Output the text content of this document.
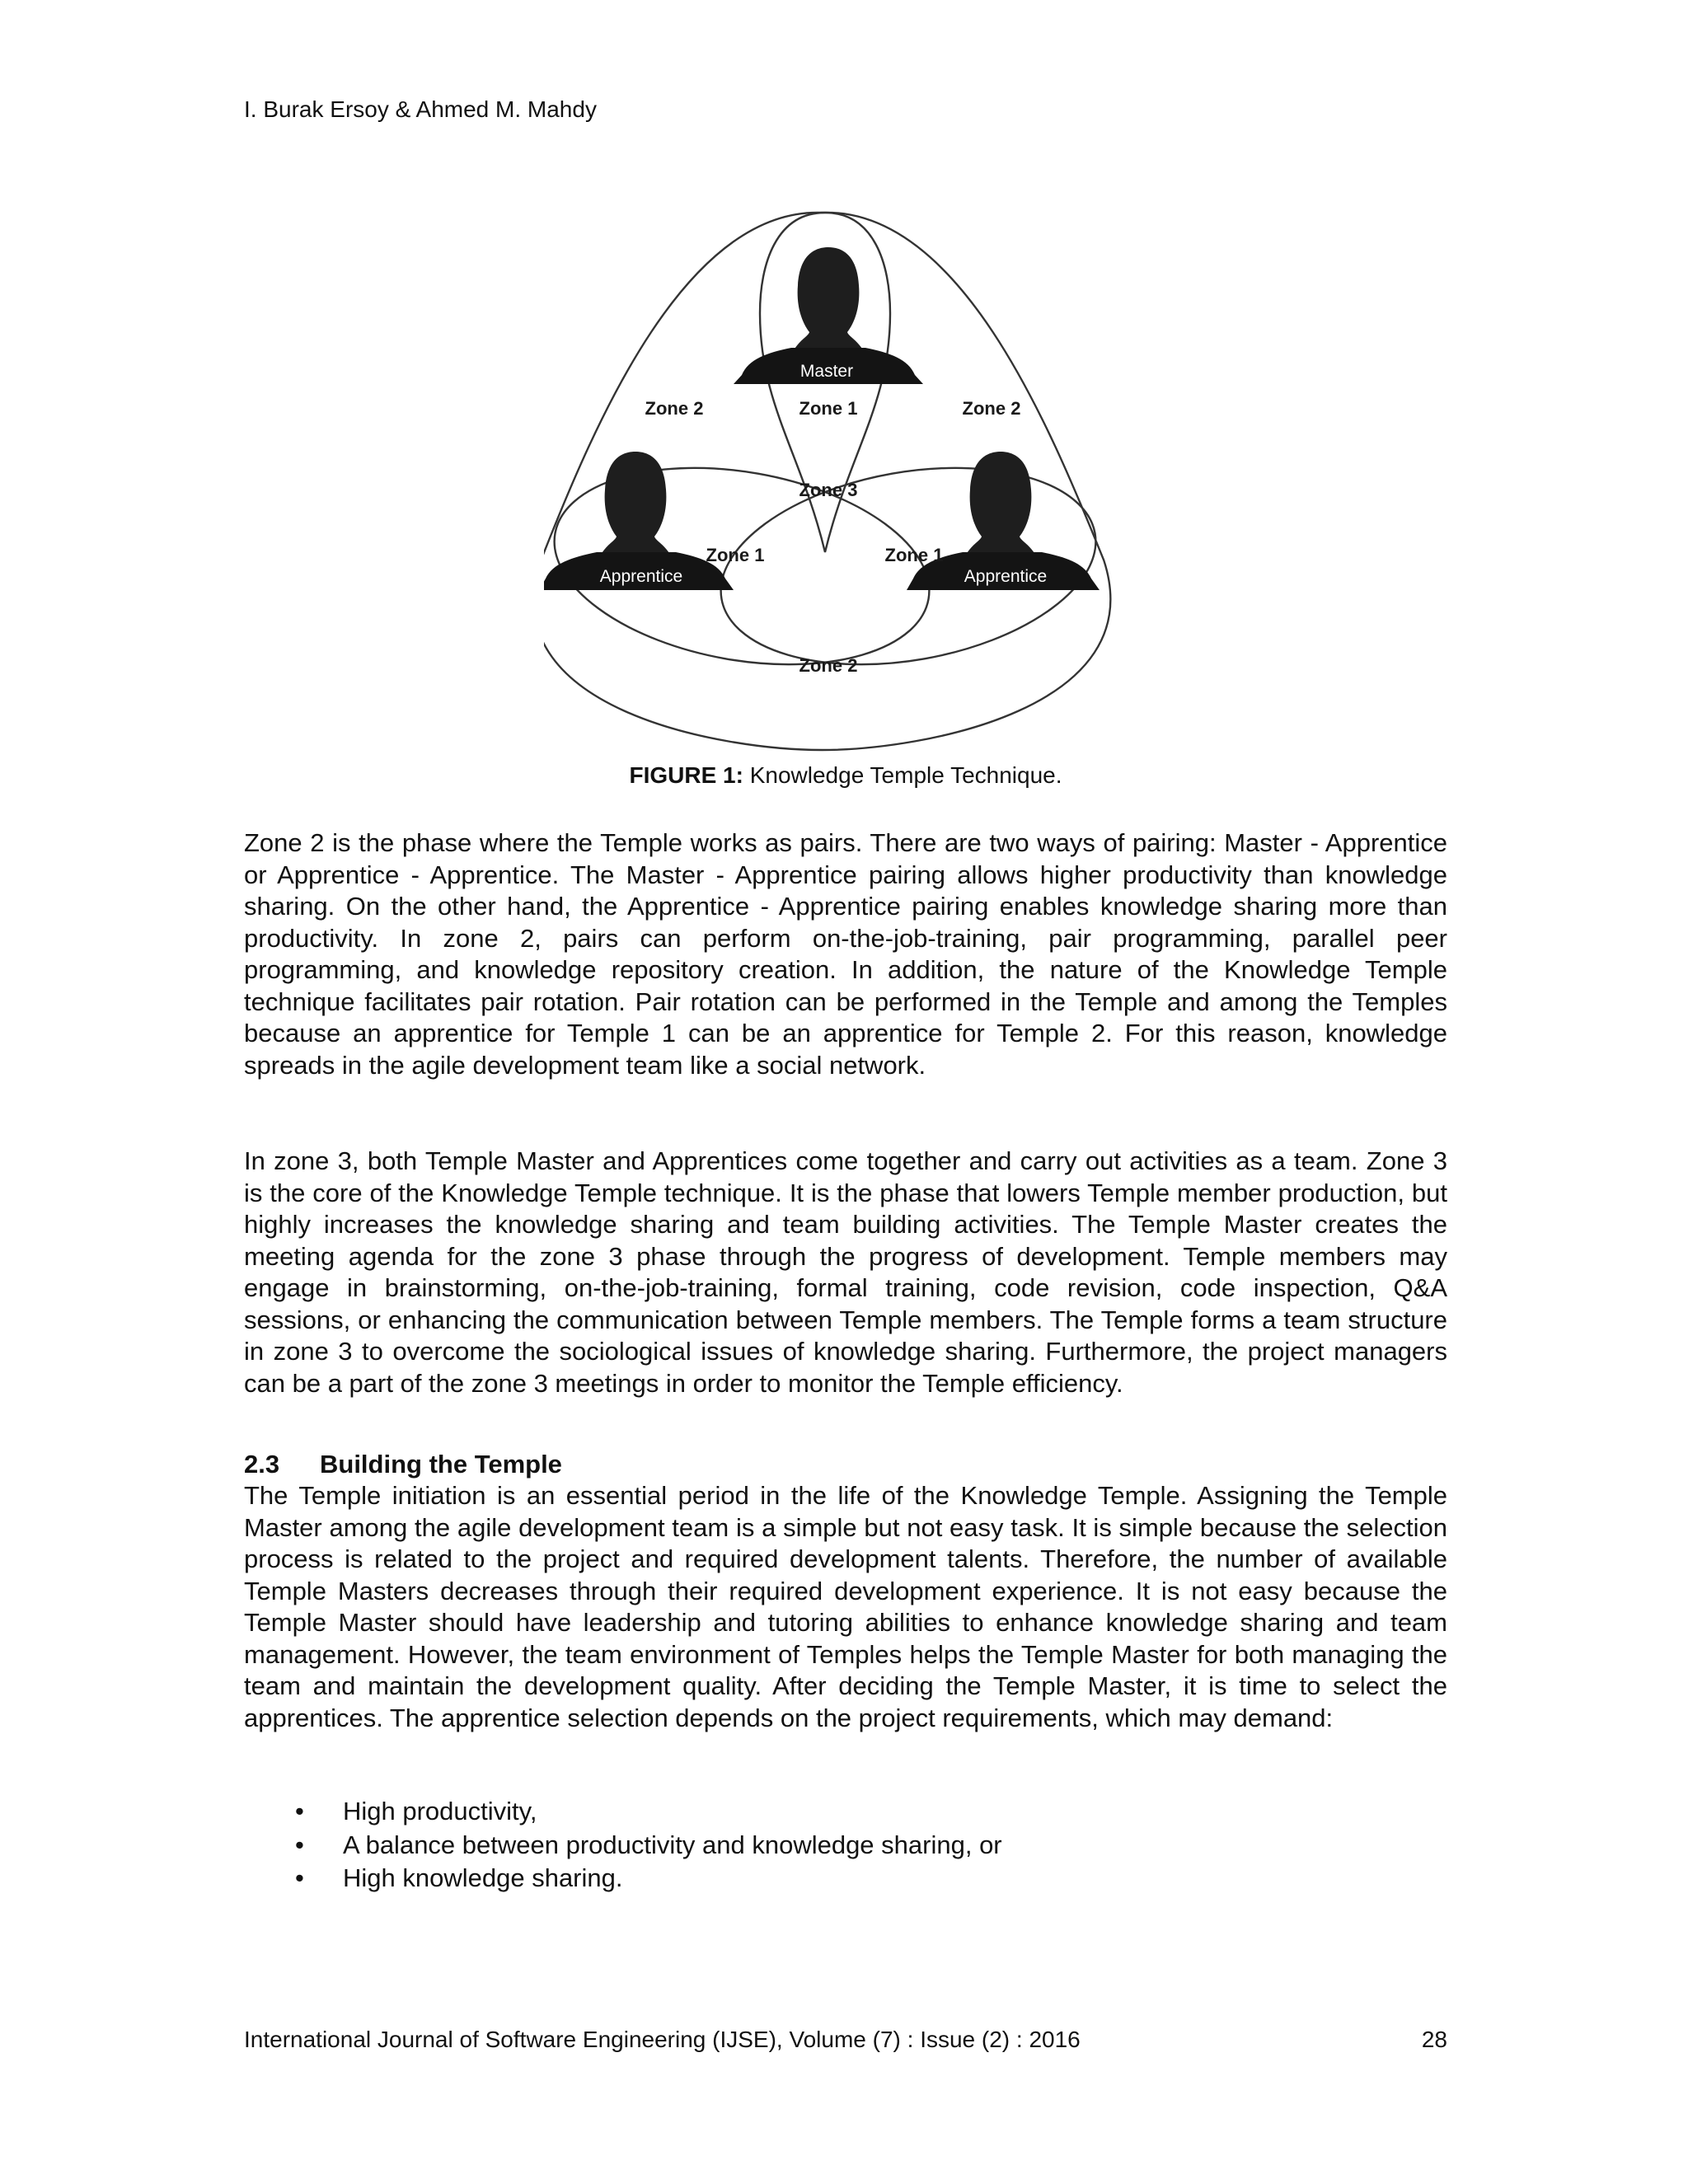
I. Burak Ersoy & Ahmed M. Mahdy
Master
Apprentice	Apprentice
Zone 2	Zone 1	Zone 2
Zone 3
Zone 1	Zone 1
Zone 2
FIGURE 1: Knowledge Temple Technique.

Zone 2 is the phase where the Temple works as pairs. There are two ways of pairing: Master - Apprentice or Apprentice - Apprentice. The Master - Apprentice pairing allows higher productivity than knowledge sharing. On the other hand, the Apprentice - Apprentice pairing enables knowledge sharing more than productivity. In zone 2, pairs can perform on-the-job-training, pair programming, parallel peer programming, and knowledge repository creation. In addition, the nature of the Knowledge Temple technique facilitates pair rotation. Pair rotation can be performed in the Temple and among the Temples because an apprentice for Temple 1 can be an apprentice for Temple 2. For this reason, knowledge spreads in the agile development team like a social network.

In zone 3, both Temple Master and Apprentices come together and carry out activities as a team. Zone 3 is the core of the Knowledge Temple technique. It is the phase that lowers Temple member production, but highly increases the knowledge sharing and team building activities. The Temple Master creates the meeting agenda for the zone 3 phase through the progress of development. Temple members may engage in brainstorming, on-the-job-training, formal training, code revision, code inspection, Q&A sessions, or enhancing the communication between Temple members. The Temple forms a team structure in zone 3 to overcome the sociological issues of knowledge sharing. Furthermore, the project managers can be a part of the zone 3 meetings in order to monitor the Temple efficiency.

2.3 Building the Temple

The Temple initiation is an essential period in the life of the Knowledge Temple. Assigning the Temple Master among the agile development team is a simple but not easy task. It is simple because the selection process is related to the project and required development talents. Therefore, the number of available Temple Masters decreases through their required development experience. It is not easy because the Temple Master should have leadership and tutoring abilities to enhance knowledge sharing and team management. However, the team environment of Temples helps the Temple Master for both managing the team and maintain the development quality. After deciding the Temple Master, it is time to select the apprentices. The apprentice selection depends on the project requirements, which may demand:

• High productivity,
• A balance between productivity and knowledge sharing, or
• High knowledge sharing.
International Journal of Software Engineering (IJSE), Volume (7) : Issue (2) : 2016	28
